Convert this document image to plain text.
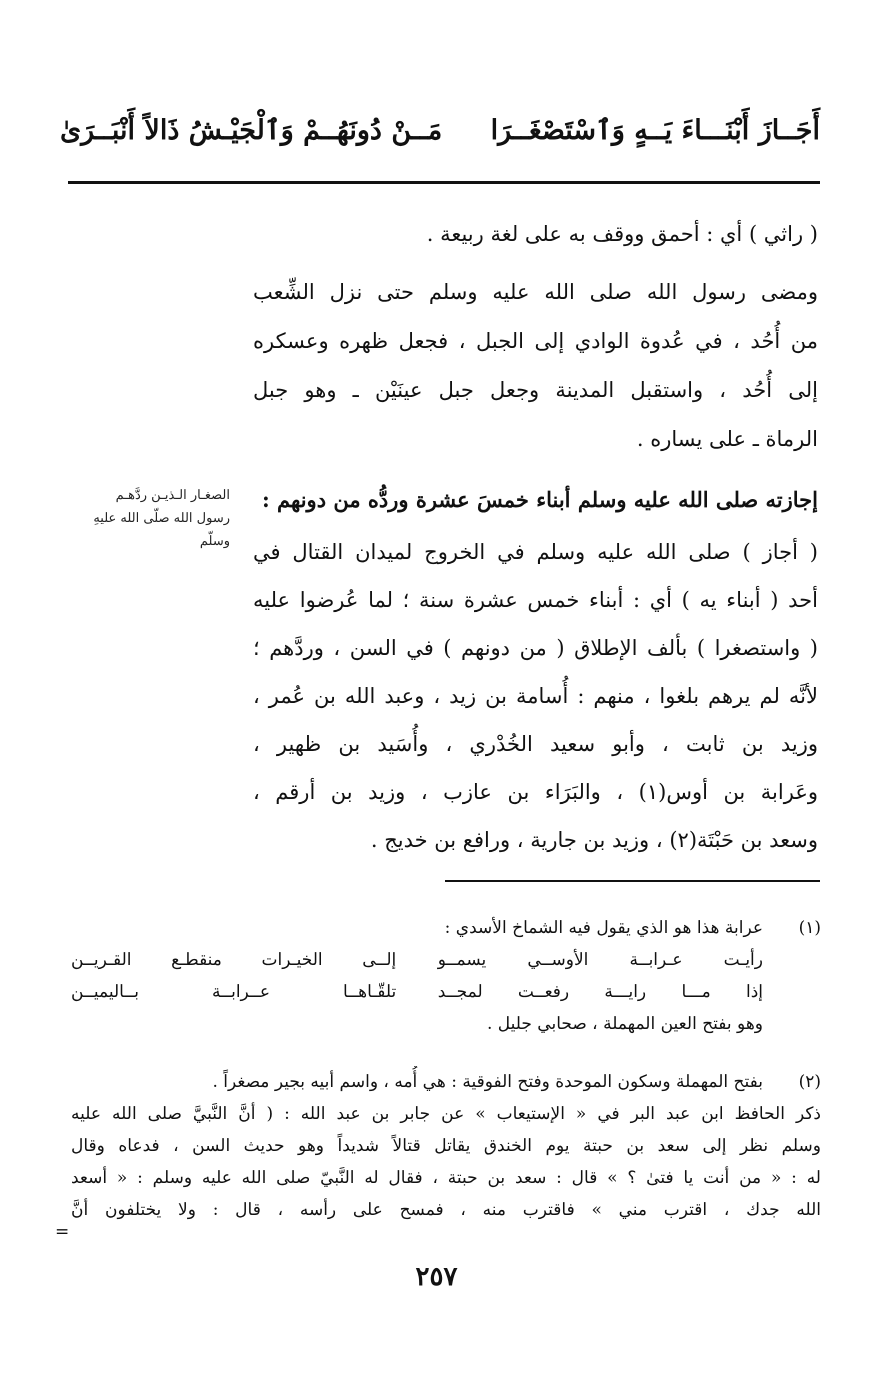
أَجَــازَ أَبْنَـــاءَ يَــهٍ وَٱسْتَصْغَــرَا
مَــنْ دُونَهُــمْ وَٱلْجَيْـشُ ذَالاً أَنْبَــرَىٰ
( راثي ) أي : أحمق ووقف به على لغة ربيعة .
ومضى رسول الله صلى الله عليه وسلم حتى نزل الشِّعب
من أُحُد ، في عُدوة الوادي إلى الجبل ، فجعل ظهره وعسكره
إلى أُحُد ، واستقبل المدينة وجعل جبل عينَيْن ـ وهو جبل
الرماة ـ على يساره .
إجازته صلى الله عليه وسلم أبناء خمسَ عشرة وردُّه من دونهم :
الصغـار الـذيـن ردَّهـم
رسول الله صلّى الله عليهِ
وسلّم ( أجاز ) صلى الله عليه وسلم في الخروج لميدان القتال في
أحد ( أبناء يه ) أي : أبناء خمس عشرة سنة ؛ لما عُرضوا عليه
( واستصغرا ) بألف الإطلاق ( من دونهم ) في السن ، وردَّهم ؛
لأنَّه لم يرهم بلغوا ، منهم : أُسامة بن زيد ، وعبد الله بن عُمر ،
وزيد بن ثابت ، وأبو سعيد الخُدْري ، وأُسَيد بن ظهير ،
وعَرابة بن أوس(١) ، والبَرَاء بن عازب ، وزيد بن أرقم ،
وسعد بن حَبْتَة(٢) ، وزيد بن جارية ، ورافع بن خديج .
(١)
عرابة هذا هو الذي يقول فيه الشماخ الأسدي :
رأيـت عـرابــة الأوســي يسمــو
إلــى الخيـرات منقطـع القـريــن
إذا مـــا رايـــة رفعــت لمجــد
تلقّـاهــا عــرابــة بــاليميــن
وهو بفتح العين المهملة ، صحابي جليل .
(٢)
بفتح المهملة وسكون الموحدة وفتح الفوقية : هي أُمه ، واسم أبيه بجير مصغراً .
ذكر الحافظ ابن عبد البر في « الإستيعاب » عن جابر بن عبد الله : ( أنَّ النَّبيَّ صلى الله عليه
وسلم نظر إلى سعد بن حبتة يوم الخندق يقاتل قتالاً شديداً وهو حديث السن ، فدعاه وقال
له : « من أنت يا فتىٰ ؟ » قال : سعد بن حبتة ، فقال له النَّبيّ صلى الله عليه وسلم : « أسعد
الله جدك ، اقترب مني » فاقترب منه ، فمسح على رأسه ، قال : ولا يختلفون أنَّ
=
٢٥٧
